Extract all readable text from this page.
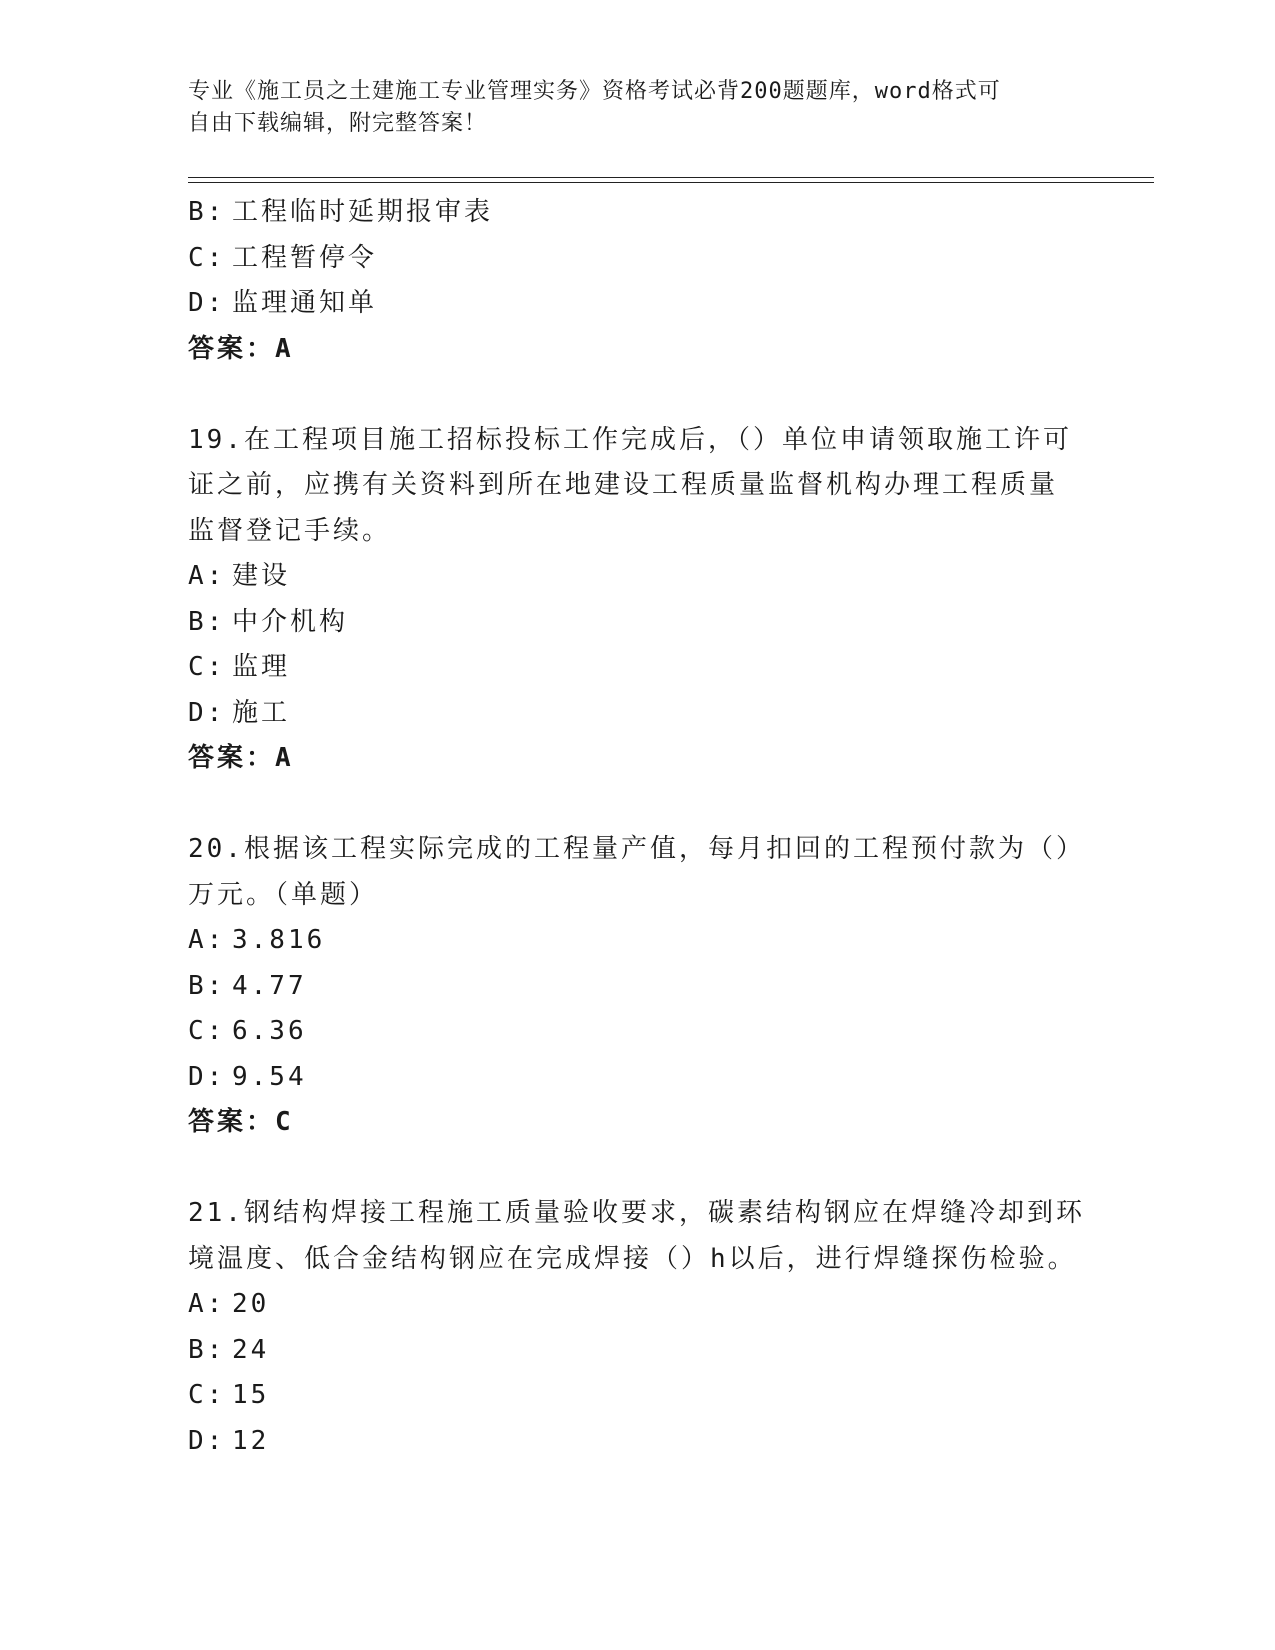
专业《施工员之土建施工专业管理实务》资格考试必背200题题库，word格式可
自由下载编辑，附完整答案！
B: 工程临时延期报审表
C: 工程暂停令
D: 监理通知单
答案：A
19.在工程项目施工招标投标工作完成后，（）单位申请领取施工许可
证之前，应携有关资料到所在地建设工程质量监督机构办理工程质量
监督登记手续。
A: 建设
B: 中介机构
C: 监理
D: 施工
答案：A
20.根据该工程实际完成的工程量产值，每月扣回的工程预付款为（）
万元。（单题）
A: 3.816
B: 4.77
C: 6.36
D: 9.54
答案：C
21.钢结构焊接工程施工质量验收要求，碳素结构钢应在焊缝冷却到环
境温度、低合金结构钢应在完成焊接（）h以后，进行焊缝探伤检验。
A: 20
B: 24
C: 15
D: 12
